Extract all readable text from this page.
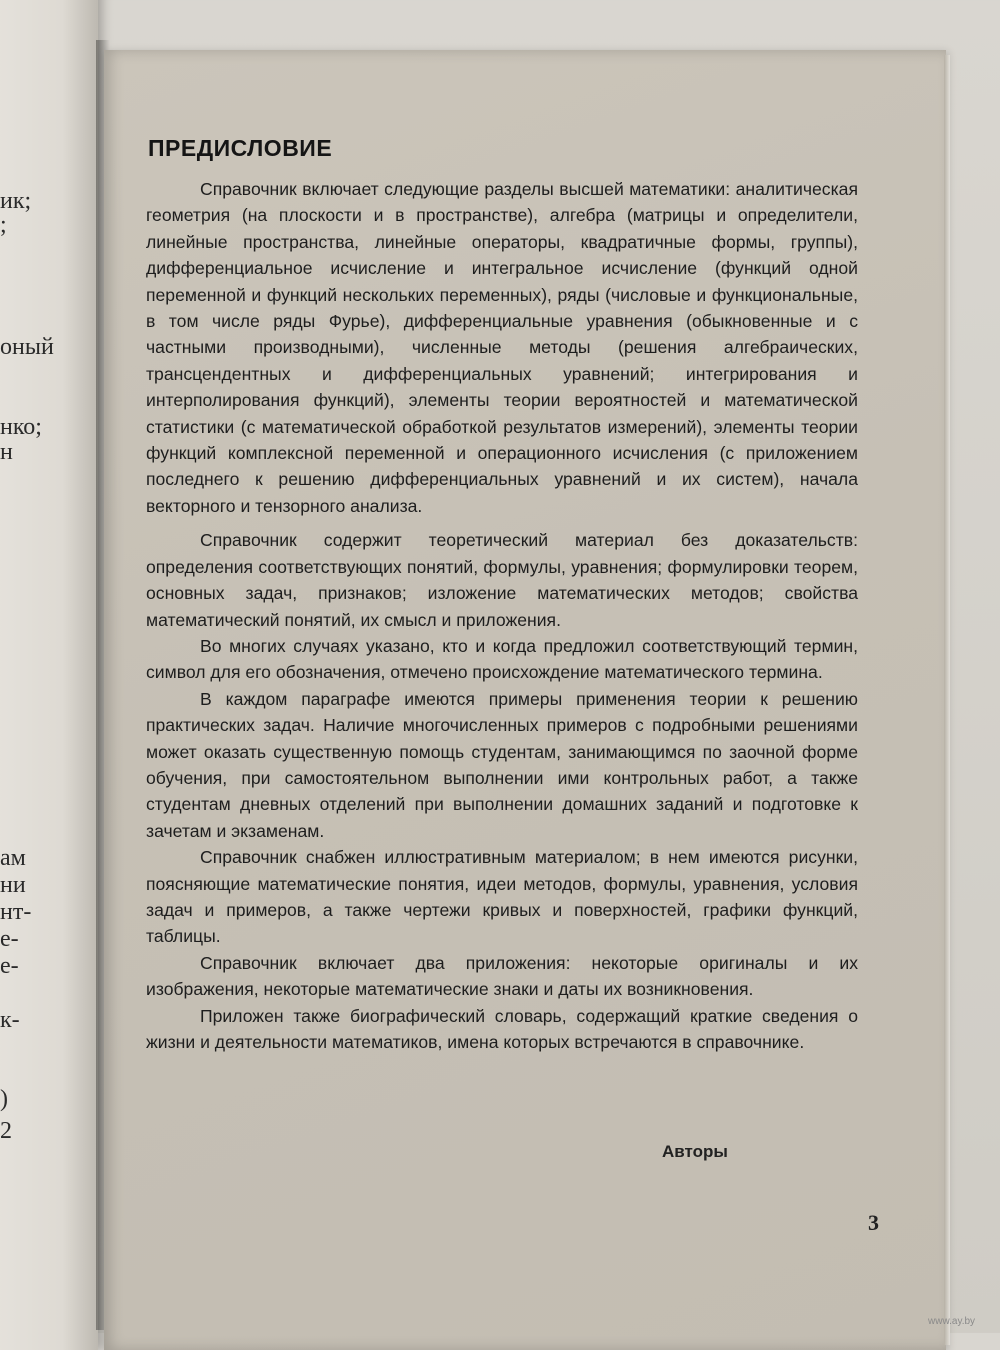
ик;
;
оный
нко;
н
ам
ни
нт-
е-
е-
к-
)
2
ПРЕДИСЛОВИЕ

Справочник включает следующие разделы высшей математики: аналитическая геометрия (на плоскости и в пространстве), алгебра (матрицы и определители, линейные пространства, линейные операторы, квадратичные формы, группы), дифференциальное исчисление и интегральное исчисление (функций одной переменной и функций нескольких переменных), ряды (числовые и функциональные, в том числе ряды Фурье), дифференциальные уравнения (обыкновенные и с частными производными), численные методы (решения алгебраических, трансцендентных и дифференциальных уравнений; интегрирования и интерполирования функций), элементы теории вероятностей и математической статистики (с математической обработкой результатов измерений), элементы теории функций комплексной переменной и операционного исчисления (с приложением последнего к решению дифференциальных уравнений и их систем), начала векторного и тензорного анализа.

Справочник содержит теоретический материал без доказательств: определения соответствующих понятий, формулы, уравнения; формулировки теорем, основных задач, признаков; изложение математических методов; свойства математический понятий, их смысл и приложения.

Во многих случаях указано, кто и когда предложил соответствующий термин, символ для его обозначения, отмечено происхождение математического термина.

В каждом параграфе имеются примеры применения теории к решению практических задач. Наличие многочисленных примеров с подробными решениями может оказать существенную помощь студентам, занимающимся по заочной форме обучения, при самостоятельном выполнении ими контрольных работ, а также студентам дневных отделений при выполнении домашних заданий и подготовке к зачетам и экзаменам.

Справочник снабжен иллюстративным материалом; в нем имеются рисунки, поясняющие математические понятия, идеи методов, формулы, уравнения, условия задач и примеров, а также чертежи кривых и поверхностей, графики функций, таблицы.

Справочник включает два приложения: некоторые оригиналы и их изображения, некоторые математические знаки и даты их возникновения.

Приложен также биографический словарь, содержащий краткие сведения о жизни и деятельности математиков, имена которых встречаются в справочнике.

Авторы
3
www.ay.by
